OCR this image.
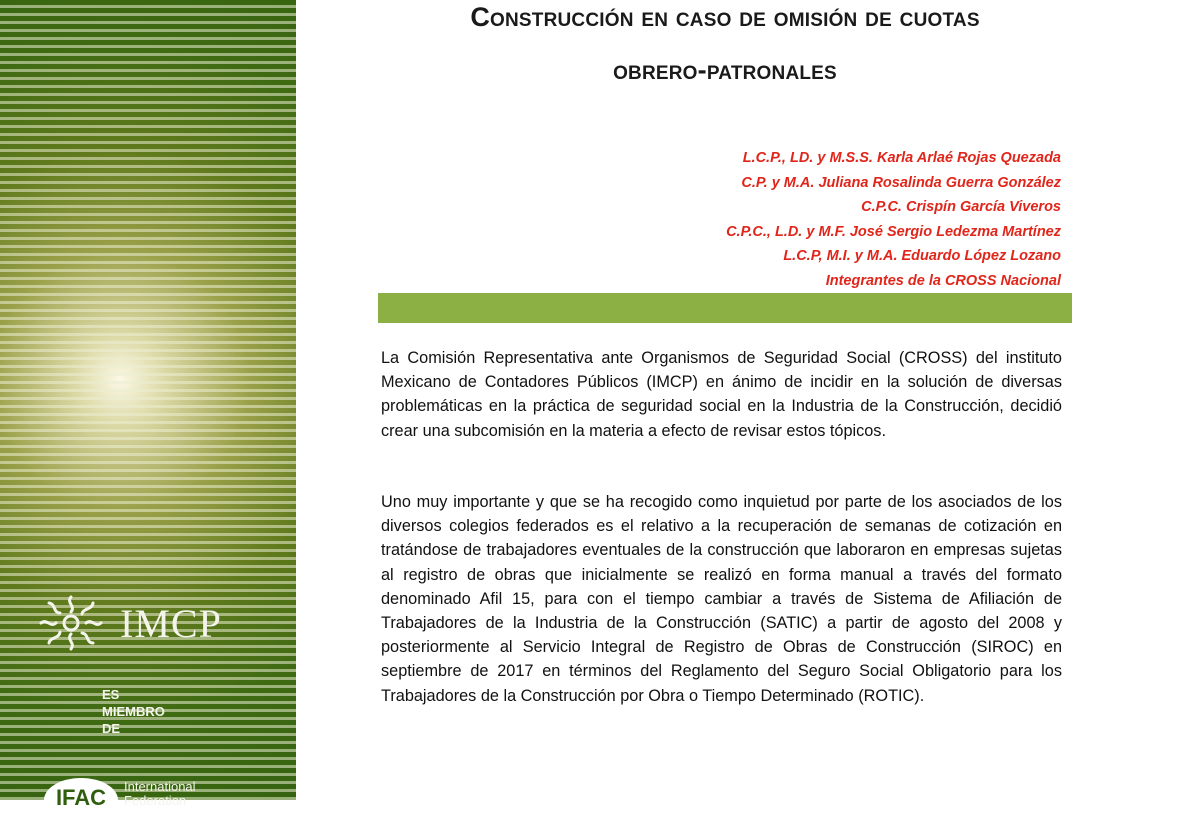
IMCP
ES
MIEMBRO
DE
IFAC	International
Federation
Construcción en caso de omisión de cuotas
obrero-patronales
L.C.P., LD. y M.S.S. Karla Arlaé Rojas Quezada
C.P. y M.A. Juliana Rosalinda Guerra González
C.P.C. Crispín García Viveros
C.P.C., L.D. y M.F. José Sergio Ledezma Martínez
L.C.P, M.I. y M.A. Eduardo López Lozano
Integrantes de la CROSS Nacional

La Comisión Representativa ante Organismos de Seguridad Social (CROSS) del instituto Mexicano de Contadores Públicos (IMCP) en ánimo de incidir en la solución de diversas problemáticas en la práctica de seguridad social en la Industria de la Construcción, decidió crear una subcomisión en la materia a efecto de revisar estos tópicos.

Uno muy importante y que se ha recogido como inquietud por parte de los asociados de los diversos colegios federados es el relativo a la recuperación de semanas de cotización en tratándose de trabajadores eventuales de la construcción que laboraron en empresas sujetas al registro de obras que inicialmente se realizó en forma manual a través del formato denominado Afil 15, para con el tiempo cambiar a través de Sistema de Afiliación de Trabajadores de la Industria de la Construcción (SATIC) a partir de agosto del 2008 y posteriormente al Servicio Integral de Registro de Obras de Construcción (SIROC) en septiembre de 2017 en términos del Reglamento del Seguro Social Obligatorio para los Trabajadores de la Construcción por Obra o Tiempo Determinado (ROTIC).
